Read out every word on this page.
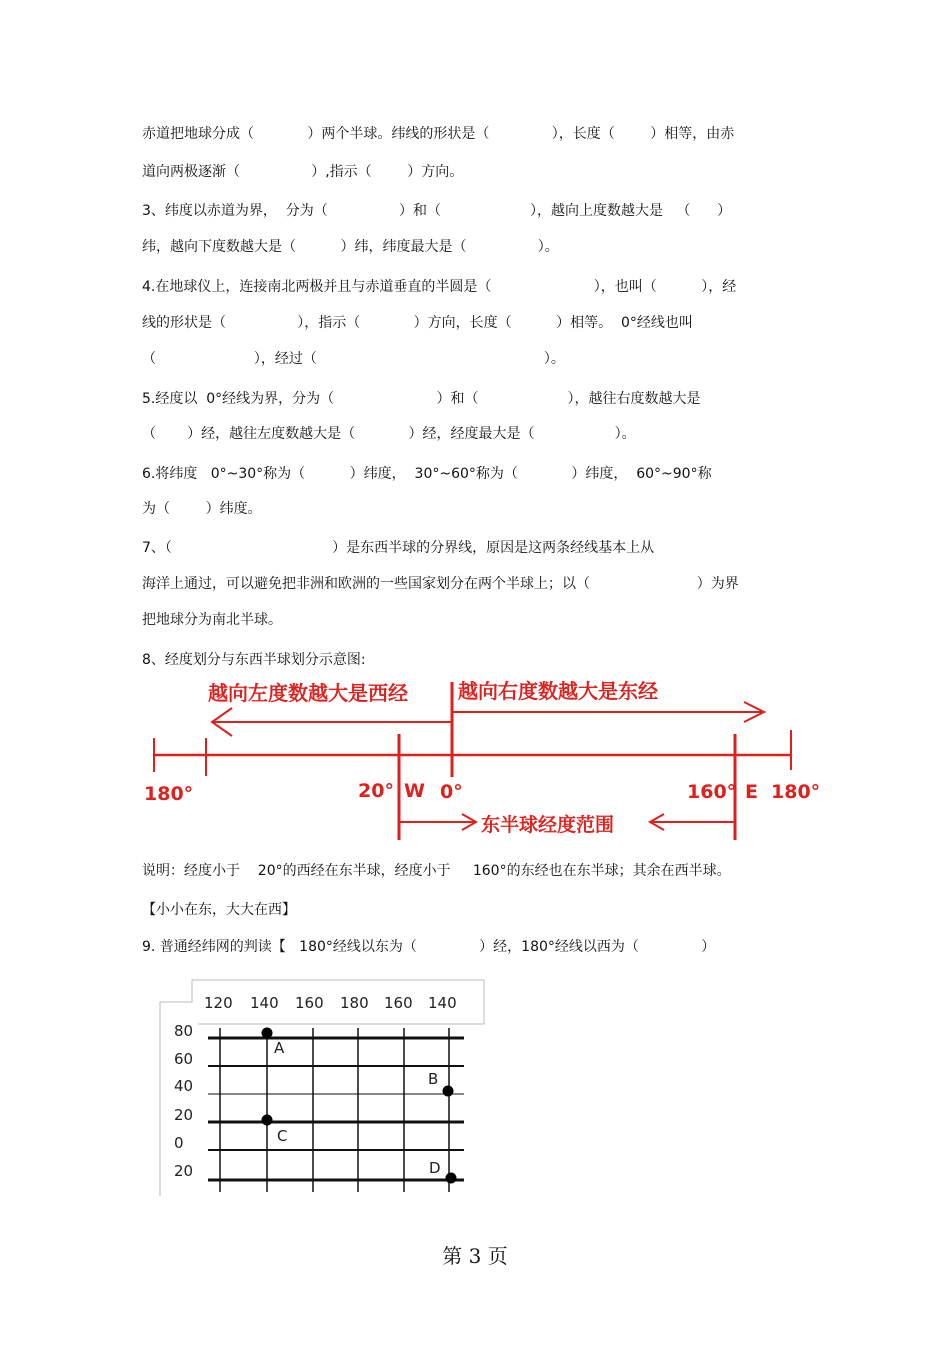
赤道把地球分成（            ）两个半球。纬线的形状是（              ），长度（        ）相等，由赤
道向两极逐渐（                ）,指示（        ）方向。
3、纬度以赤道为界，  分为（                ）和（                    ），越向上度数越大是   （      ）
纬，越向下度数越大是（          ）纬，纬度最大是（                ）。
4.在地球仪上，连接南北两极并且与赤道垂直的半圆是（                       ），也叫（          ），经
线的形状是（                ），指示（            ）方向，长度（          ）相等。  0°经线也叫
（                      ），经过（                                                   ）。
5.经度以  0°经线为界，分为（                       ）和（                    ），越往右度数越大是
（       ）经，越往左度数越大是（            ）经，经度最大是（                  ）。
6.将纬度   0°~30°称为（          ）纬度，  30°~60°称为（            ）纬度，  60°~90°称
为（        ）纬度。
7、（                                    ）是东西半球的分界线，原因是这两条经线基本上从
海洋上通过，可以避免把非洲和欧洲的一些国家划分在两个半球上；以（                        ）为界
把地球分为南北半球。
8、经度划分与东西半球划分示意图:
越向左度数越大是西经	越向右度数越大是东经
180°	20° W 0°	160° E 180°
东半球经度范围
说明：经度小于    20°的西经在东半球，经度小于     160°的东经也在东半球；其余在西半球。
【小小在东，大大在西】
9. 普通经纬网的判读【   180°经线以东为（              ）经，180°经线以西为（              ）
120 140 160 180 160 140
80
60
40
20
0
20
A
B
C
D
第 3 页
